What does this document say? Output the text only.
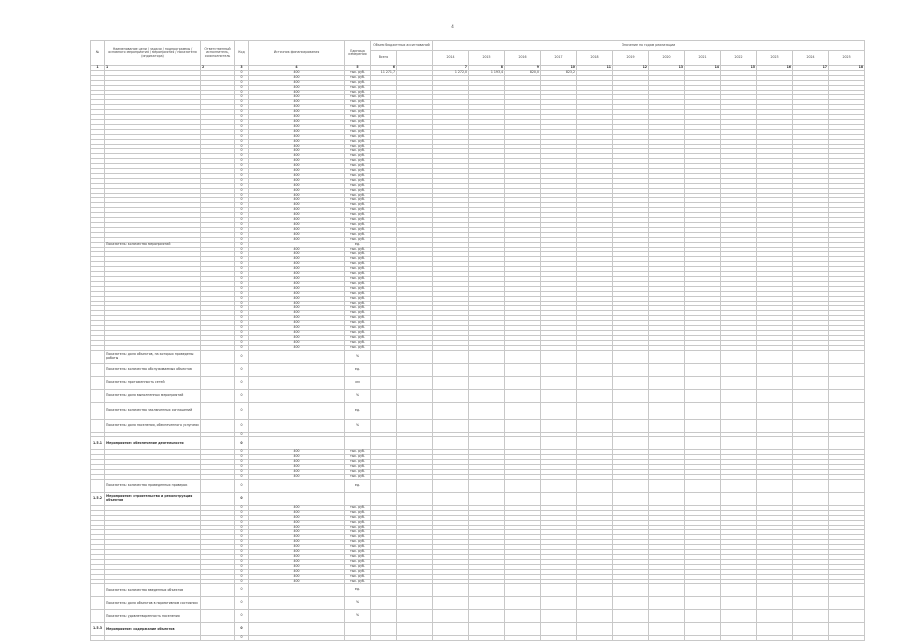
4
№	Наименование цели / задачи / подпрограммы / основного мероприятия / мероприятия / показателя (индикатора)	Ответственный исполнитель, соисполнитель	Код	Источник финансирования	Единица измерения	Объем бюджетных ассигнований		Значение по годам реализации											
						Всего		2014	2015	2016	2017	2018	2019	2020	2021	2022	2023	2024	2025
1	1	2	3	4	5	6		7	8	9	10	11	12	13	14	15	16	17	18
			0	400	тыс. руб.	11 271,7		1 272,0	1 193,4	820,0	823,2								
			0	400	тыс. руб.														
			0	400	тыс. руб.														
			0	400	тыс. руб.														
			0	400	тыс. руб.														
			0	400	тыс. руб.														
			0	400	тыс. руб.														
			0	400	тыс. руб.														
			0	400	тыс. руб.														
			0	400	тыс. руб.														
			0	400	тыс. руб.														
			0	400	тыс. руб.														
			0	400	тыс. руб.														
			0	400	тыс. руб.														
			0	400	тыс. руб.														
			0	400	тыс. руб.														
			0	400	тыс. руб.														
			0	400	тыс. руб.														
			0	400	тыс. руб.														
			0	400	тыс. руб.														
			0	400	тыс. руб.														
			0	400	тыс. руб.														
			0	400	тыс. руб.														
			0	400	тыс. руб.														
			0	400	тыс. руб.														
			0	400	тыс. руб.														
			0	400	тыс. руб.														
			0	400	тыс. руб.														
			0	400	тыс. руб.														
			0	400	тыс. руб.														
			0	400	тыс. руб.														
			0	400	тыс. руб.														
			0	400	тыс. руб.														
			0	400	тыс. руб.														
			0	400	тыс. руб.														
	Показатель: количество мероприятий		0		ед.														
			0	400	тыс. руб.														
			0	400	тыс. руб.														
			0	400	тыс. руб.														
			0	400	тыс. руб.														
			0	400	тыс. руб.														
			0	400	тыс. руб.														
			0	400	тыс. руб.														
			0	400	тыс. руб.														
			0	400	тыс. руб.														
			0	400	тыс. руб.														
			0	400	тыс. руб.														
			0	400	тыс. руб.														
			0	400	тыс. руб.														
			0	400	тыс. руб.														
			0	400	тыс. руб.														
			0	400	тыс. руб.														
			0	400	тыс. руб.														
			0	400	тыс. руб.														
			0	400	тыс. руб.														
			0	400	тыс. руб.														
			0	400	тыс. руб.														
	Показатель: доля объектов, на которых проведены работы		0		%														
	Показатель: количество обслуживаемых объектов		0		ед.														
	Показатель: протяженность сетей		0		км														
	Показатель: доля выполненных мероприятий		0		%														
	Показатель: количество заключенных соглашений		0		ед.														
	Показатель: доля населения, обеспеченного услугами		0		%														
			0																
1.5.1	Мероприятие: обеспечение деятельности		0																
			0	400	тыс. руб.														
			0	400	тыс. руб.														
			0	400	тыс. руб.														
			0	400	тыс. руб.														
			0	400	тыс. руб.														
			0	400	тыс. руб.														
	Показатель: количество проведенных проверок		0		ед.														
1.5.2	Мероприятие: строительство и реконструкция объектов		0																
			0	400	тыс. руб.														
			0	400	тыс. руб.														
			0	400	тыс. руб.														
			0	400	тыс. руб.														
			0	400	тыс. руб.														
			0	400	тыс. руб.														
			0	400	тыс. руб.														
			0	400	тыс. руб.														
			0	400	тыс. руб.														
			0	400	тыс. руб.														
			0	400	тыс. руб.														
			0	400	тыс. руб.														
			0	400	тыс. руб.														
			0	400	тыс. руб.														
			0	400	тыс. руб.														
			0	400	тыс. руб.														
	Показатель: количество введенных объектов		0		ед.														
	Показатель: доля объектов в нормативном состоянии		0		%														
	Показатель: удовлетворенность населения		0		%														
1.5.3	Мероприятие: содержание объектов		0																
			0																
